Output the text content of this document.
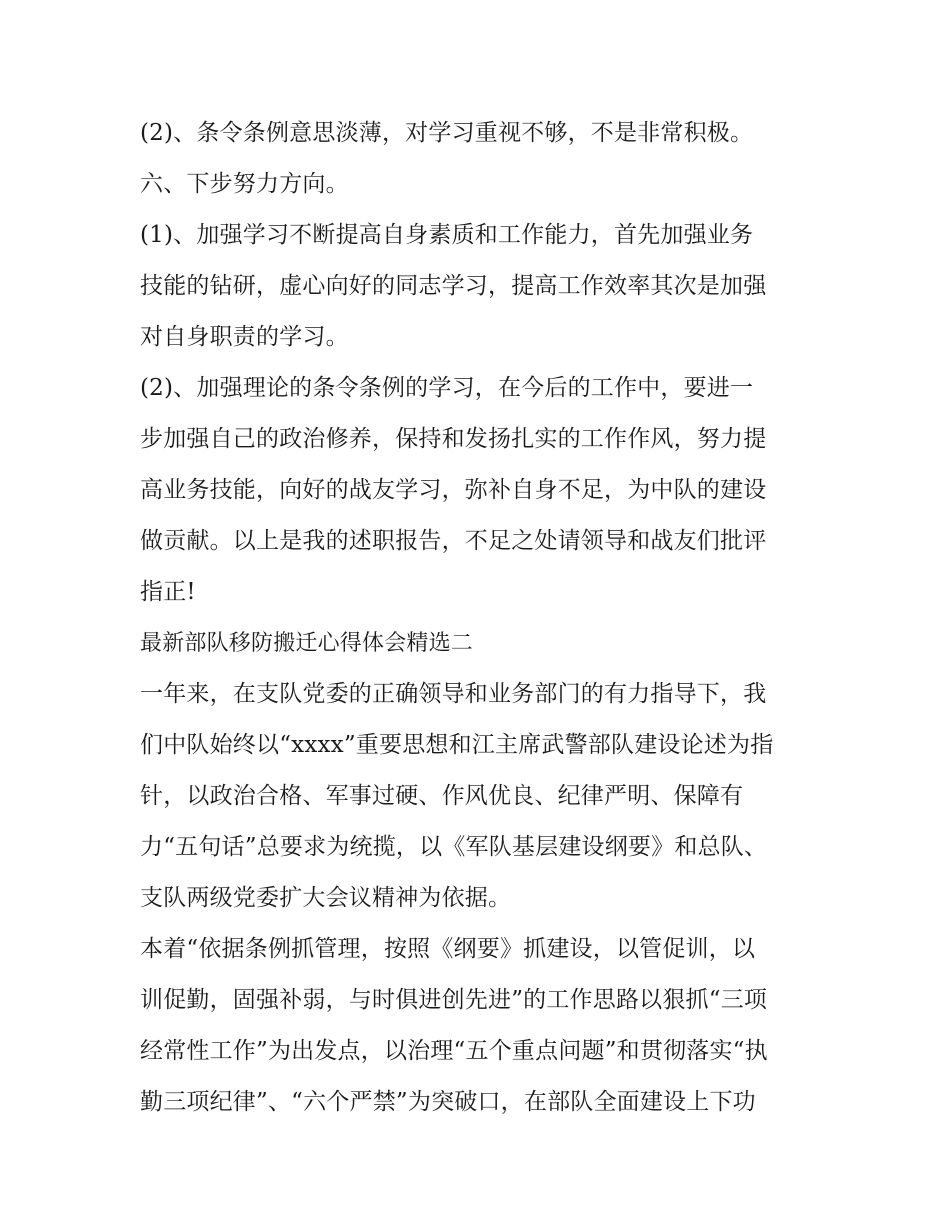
(2)、条令条例意思淡薄，对学习重视不够，不是非常积极。
六、下步努力方向。
(1)、加强学习不断提高自身素质和工作能力，首先加强业务
技能的钻研，虚心向好的同志学习，提高工作效率其次是加强
对自身职责的学习。
(2)、加强理论的条令条例的学习，在今后的工作中，要进一
步加强自己的政治修养，保持和发扬扎实的工作作风，努力提
高业务技能，向好的战友学习，弥补自身不足，为中队的建设
做贡献。以上是我的述职报告，不足之处请领导和战友们批评
指正!
最新部队移防搬迁心得体会精选二
一年来，在支队党委的正确领导和业务部门的有力指导下，我
们中队始终以“xxxx”重要思想和江主席武警部队建设论述为指
针，以政治合格、军事过硬、作风优良、纪律严明、保障有
力“五句话”总要求为统揽，以《军队基层建设纲要》和总队、
支队两级党委扩大会议精神为依据。
本着“依据条例抓管理，按照《纲要》抓建设，以管促训，以
训促勤，固强补弱，与时俱进创先进”的工作思路以狠抓“三项
经常性工作”为出发点，以治理“五个重点问题”和贯彻落实“执
勤三项纪律”、“六个严禁”为突破口，在部队全面建设上下功
